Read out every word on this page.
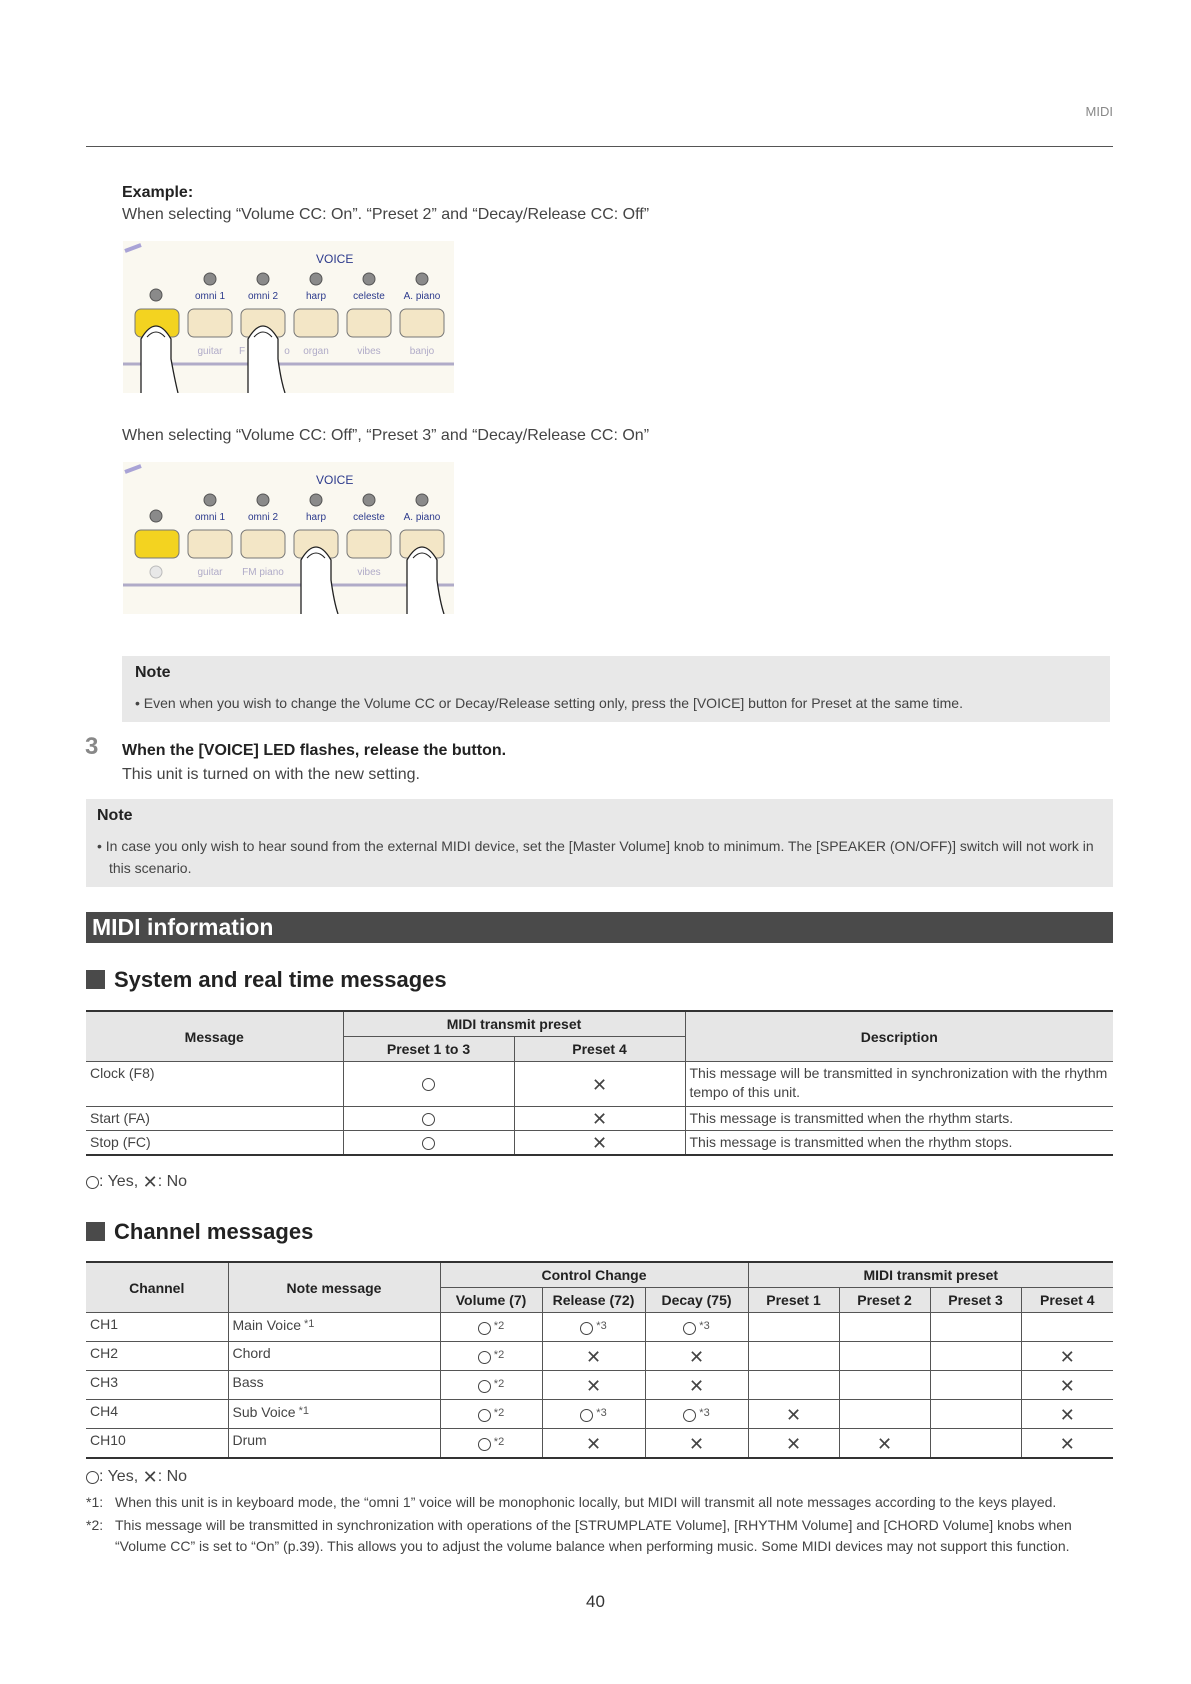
MIDI
Example:
When selecting “Volume CC: On”. “Preset 2” and “Decay/Release CC: Off”
VOICE
omni 1 omni 2	harp	celeste A. piano
guitar F	o organ	vibes	banjo
When selecting “Volume CC: Off”, “Preset 3” and “Decay/Release CC: On”
VOICE
omni 1 omni 2	harp	celeste A. piano
guitar FM piano	vibes
Note
• Even when you wish to change the Volume CC or Decay/Release setting only, press the [VOICE] button for Preset at the same time.
3 When the [VOICE] LED flashes, release the button.
This unit is turned on with the new setting.
Note
• In case you only wish to hear sound from the external MIDI device, set the [Master Volume] knob to minimum. The [SPEAKER (ON/OFF)] switch will not work in this scenario.
MIDI information
System and real time messages
Message	MIDI transmit preset		Description
	Preset 1 to 3	Preset 4	
Clock (F8)		✕	This message will be transmitted in synchronization with the rhythm tempo of this unit.
Start (FA)		✕	This message is transmitted when the rhythm starts.
Stop (FC)		✕	This message is transmitted when the rhythm stops.
: Yes, ✕: No
Channel messages
Channel	Note message	Control Change			MIDI transmit preset			
		Volume (7)	Release (72)	Decay (75)	Preset 1	Preset 2	Preset 3	Preset 4
CH1	Main Voice $^{*1}$	$^{*2}$	$^{*3}$	$^{*3}$				
CH2	Chord	$^{*2}$	✕	✕				✕
CH3	Bass	$^{*2}$	✕	✕				✕
CH4	Sub Voice $^{*1}$	$^{*2}$	$^{*3}$	$^{*3}$	✕			✕
CH10	Drum	$^{*2}$	✕	✕	✕	✕		✕
: Yes, ✕: No
*1: When this unit is in keyboard mode, the “omni 1” voice will be monophonic locally, but MIDI will transmit all note messages according to the keys played.
*2: This message will be transmitted in synchronization with operations of the [STRUMPLATE Volume], [RHYTHM Volume] and [CHORD Volume] knobs when “Volume CC” is set to “On” (p.39). This allows you to adjust the volume balance when performing music. Some MIDI devices may not support this function.
40
